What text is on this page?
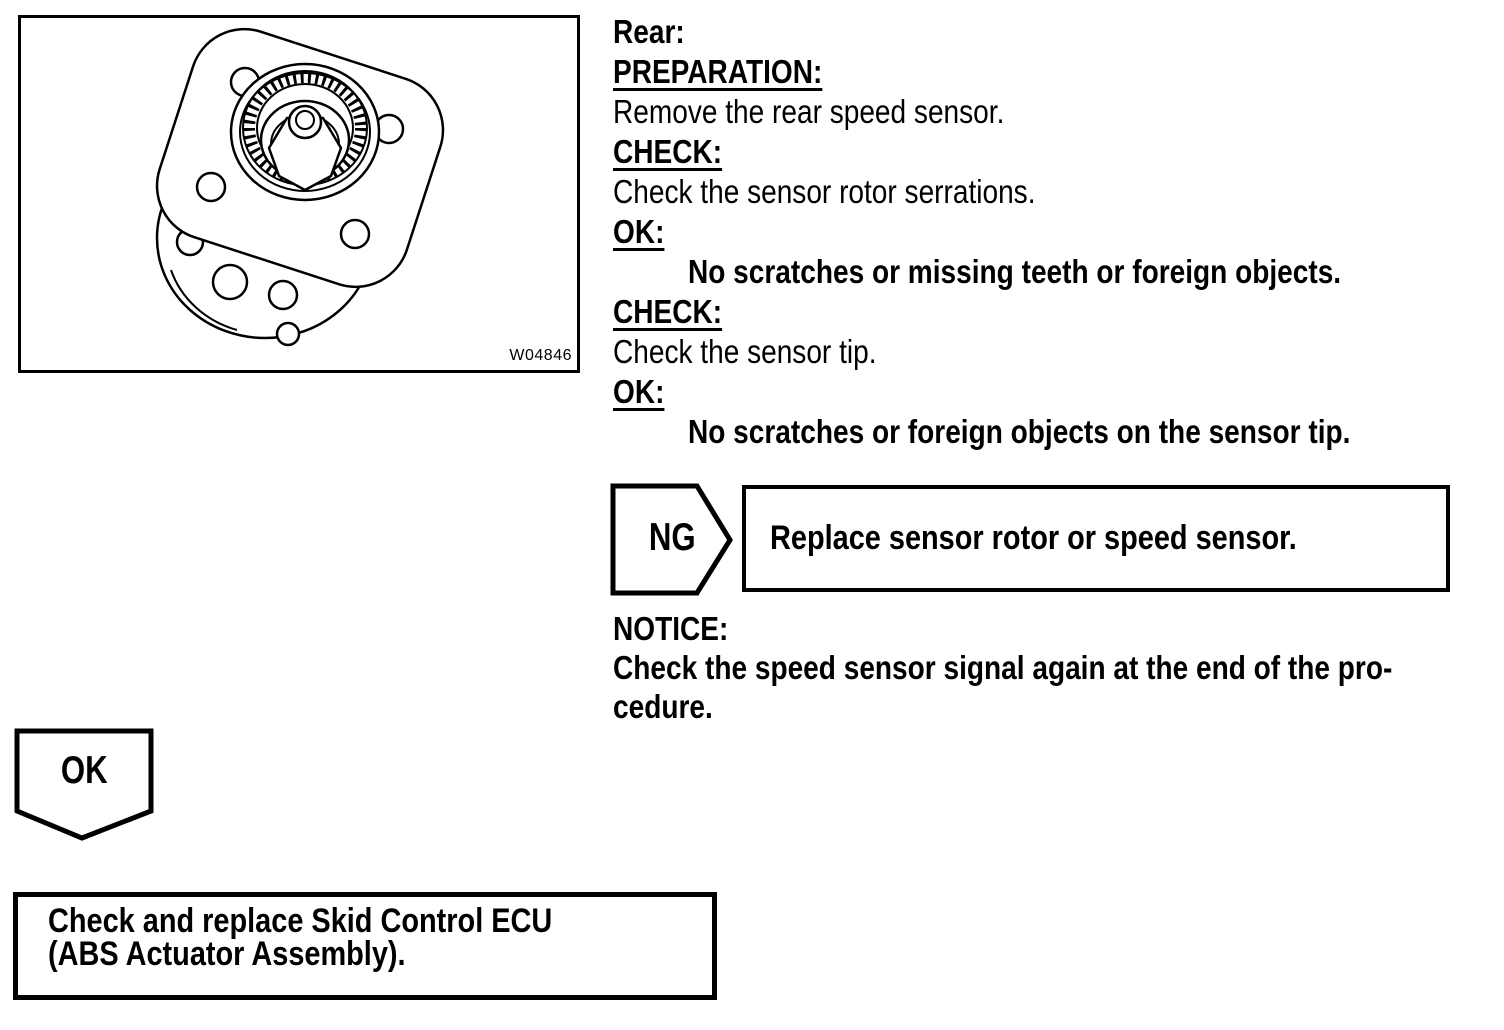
W04846
Rear:
PREPARATION:
Remove the rear speed sensor.
CHECK:
Check the sensor rotor serrations.
OK:
No scratches or missing teeth or foreign objects.
CHECK:
Check the sensor tip.
OK:
No scratches or foreign objects on the sensor tip.
NG Replace sensor rotor or speed sensor.
NOTICE:
Check the speed sensor signal again at the end of the pro-
cedure.
OK
Check and replace Skid Control ECU
(ABS Actuator Assembly).
